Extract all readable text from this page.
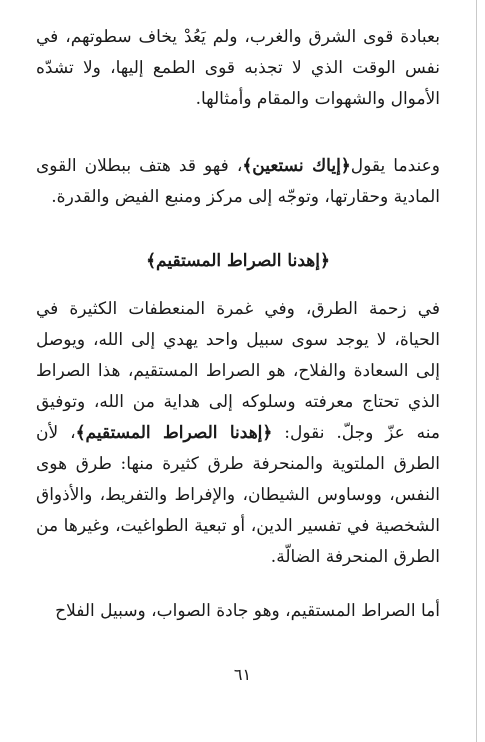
بعبادة قوى الشرق والغرب، ولم يَعُدْ يخاف سطوتهم، في نفس الوقت الذي لا تجذبه قوى الطمع إليها، ولا تشدّه الأموال والشهوات والمقام وأمثالها.

وعندما يقول﴿إياك نستعين﴾، فهو قد هتف ببطلان القوى المادية وحقارتها، وتوجّه إلى مركز ومنبع الفيض والقدرة.

﴿إهدنا الصراط المستقيم﴾

في زحمة الطرق، وفي غمرة المنعطفات الكثيرة في الحياة، لا يوجد سوى سبيل واحد يهدي إلى الله، ويوصل إلى السعادة والفلاح، هو الصراط المستقيم، هذا الصراط الذي تحتاج معرفته وسلوكه إلى هداية من الله، وتوفيق منه عزّ وجلّ. نقول: ﴿إهدنا الصراط المستقيم﴾، لأن الطرق الملتوية والمنحرفة طرق كثيرة منها: طرق هوى النفس، ووساوس الشيطان، والإفراط والتفريط، والأذواق الشخصية في تفسير الدين، أو تبعية الطواغيت، وغيرها من الطرق المنحرفة الضالّة.

أما الصراط المستقيم، وهو جادة الصواب، وسبيل الفلاح

٦١
